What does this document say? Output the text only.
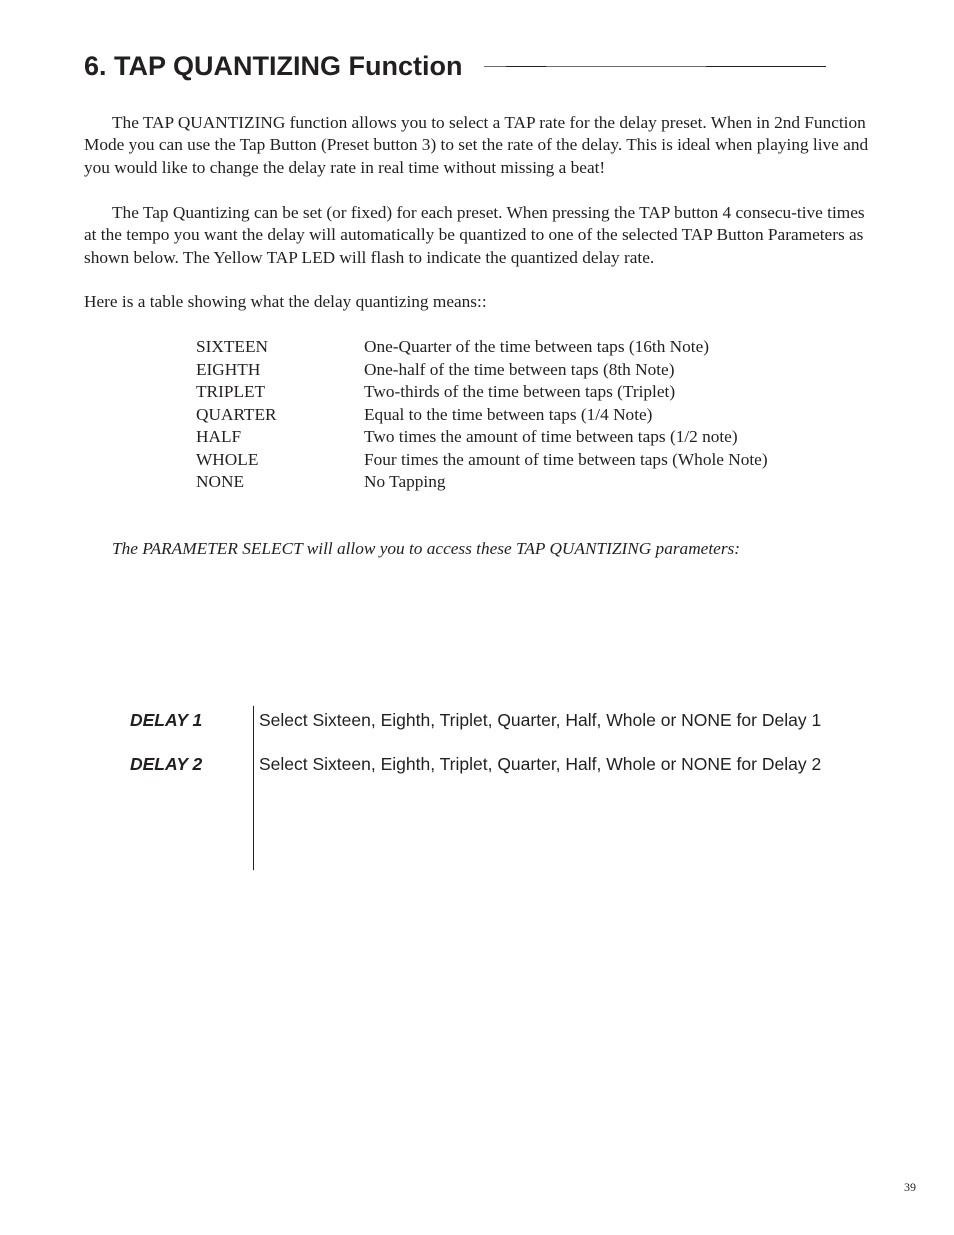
6. TAP QUANTIZING Function

The TAP QUANTIZING function allows you to select a TAP rate for the delay preset. When in 2nd Function Mode you can use the Tap Button (Preset button 3) to set the rate of the delay. This is ideal when playing live and you would like to change the delay rate in real time without missing a beat!

The Tap Quantizing can be set (or fixed) for each preset. When pressing the TAP button 4 consecu-tive times at the tempo you want the delay will automatically be quantized to one of the selected TAP Button Parameters as shown below. The Yellow TAP LED will flash to indicate the quantized delay rate.

Here is a table showing what the delay quantizing means::

SIXTEEN	One-Quarter of the time between taps (16th Note)
EIGHTH	One-half of the time between taps (8th Note)
TRIPLET	Two-thirds of the time between taps (Triplet)
QUARTER	Equal to the time between taps (1/4 Note)
HALF	Two times the amount of time between taps (1/2 note)
WHOLE	Four times the amount of time between taps (Whole Note)
NONE	No Tapping

The PARAMETER SELECT will allow you to access these TAP QUANTIZING parameters:

DELAY 1	Select Sixteen, Eighth, Triplet, Quarter, Half, Whole or NONE for Delay 1
DELAY 2	Select Sixteen, Eighth, Triplet, Quarter, Half, Whole or NONE for Delay 2
39
